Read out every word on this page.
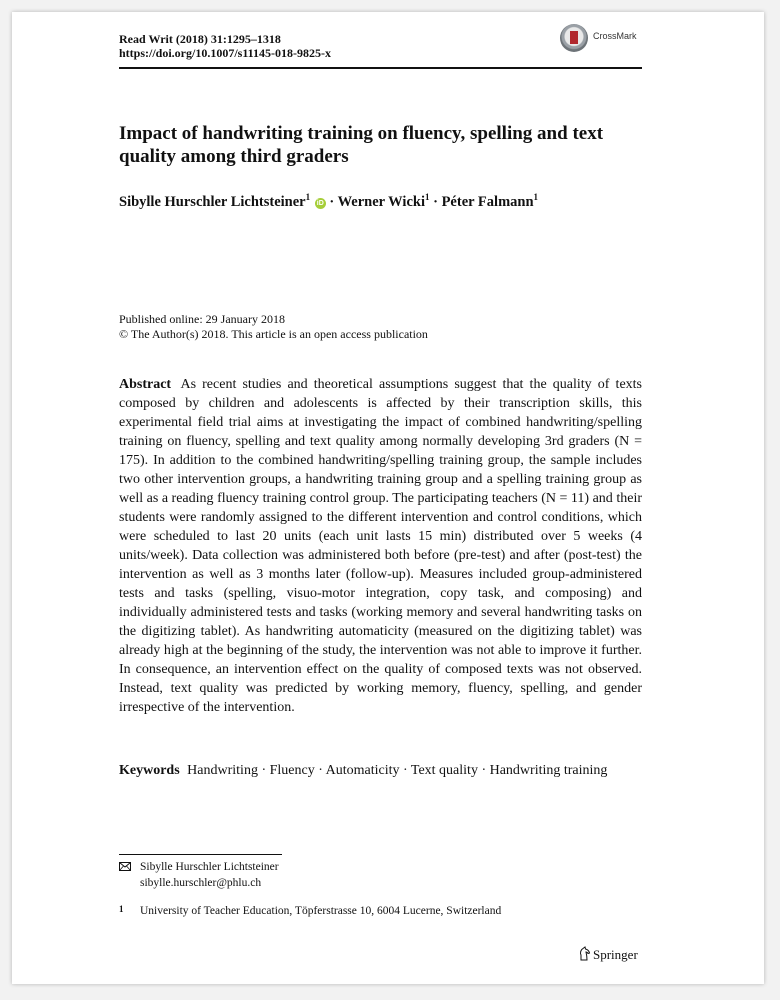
Read Writ (2018) 31:1295–1318
https://doi.org/10.1007/s11145-018-9825-x
CrossMark
Impact of handwriting training on fluency, spelling and text quality among third graders
Sibylle Hurschler Lichtsteiner$^1$ iD · Werner Wicki$^1$ · Péter Falmann$^1$
Published online: 29 January 2018
© The Author(s) 2018. This article is an open access publication

Abstract As recent studies and theoretical assumptions suggest that the quality of texts composed by children and adolescents is affected by their transcription skills, this experimental field trial aims at investigating the impact of combined handwriting/spelling training on fluency, spelling and text quality among normally developing 3rd graders (N = 175). In addition to the combined handwriting/spelling training group, the sample includes two other intervention groups, a handwriting training group and a spelling training group as well as a reading fluency training control group. The participating teachers (N = 11) and their students were randomly assigned to the different intervention and control conditions, which were scheduled to last 20 units (each unit lasts 15 min) distributed over 5 weeks (4 units/week). Data collection was administered both before (pre-test) and after (post-test) the intervention as well as 3 months later (follow-up). Measures included group-administered tests and tasks (spelling, visuo-motor integration, copy task, and composing) and individually administered tests and tasks (working memory and several handwriting tasks on the digitizing tablet). As handwriting automaticity (measured on the digitizing tablet) was already high at the beginning of the study, the intervention was not able to improve it further. In consequence, an intervention effect on the quality of composed texts was not observed. Instead, text quality was predicted by working memory, fluency, spelling, and gender irrespective of the intervention.

Keywords Handwriting · Fluency · Automaticity · Text quality · Handwriting training

Sibylle Hurschler Lichtsteiner
sibylle.hurschler@phlu.ch
1 University of Teacher Education, Töpferstrasse 10, 6004 Lucerne, Switzerland
Springer
